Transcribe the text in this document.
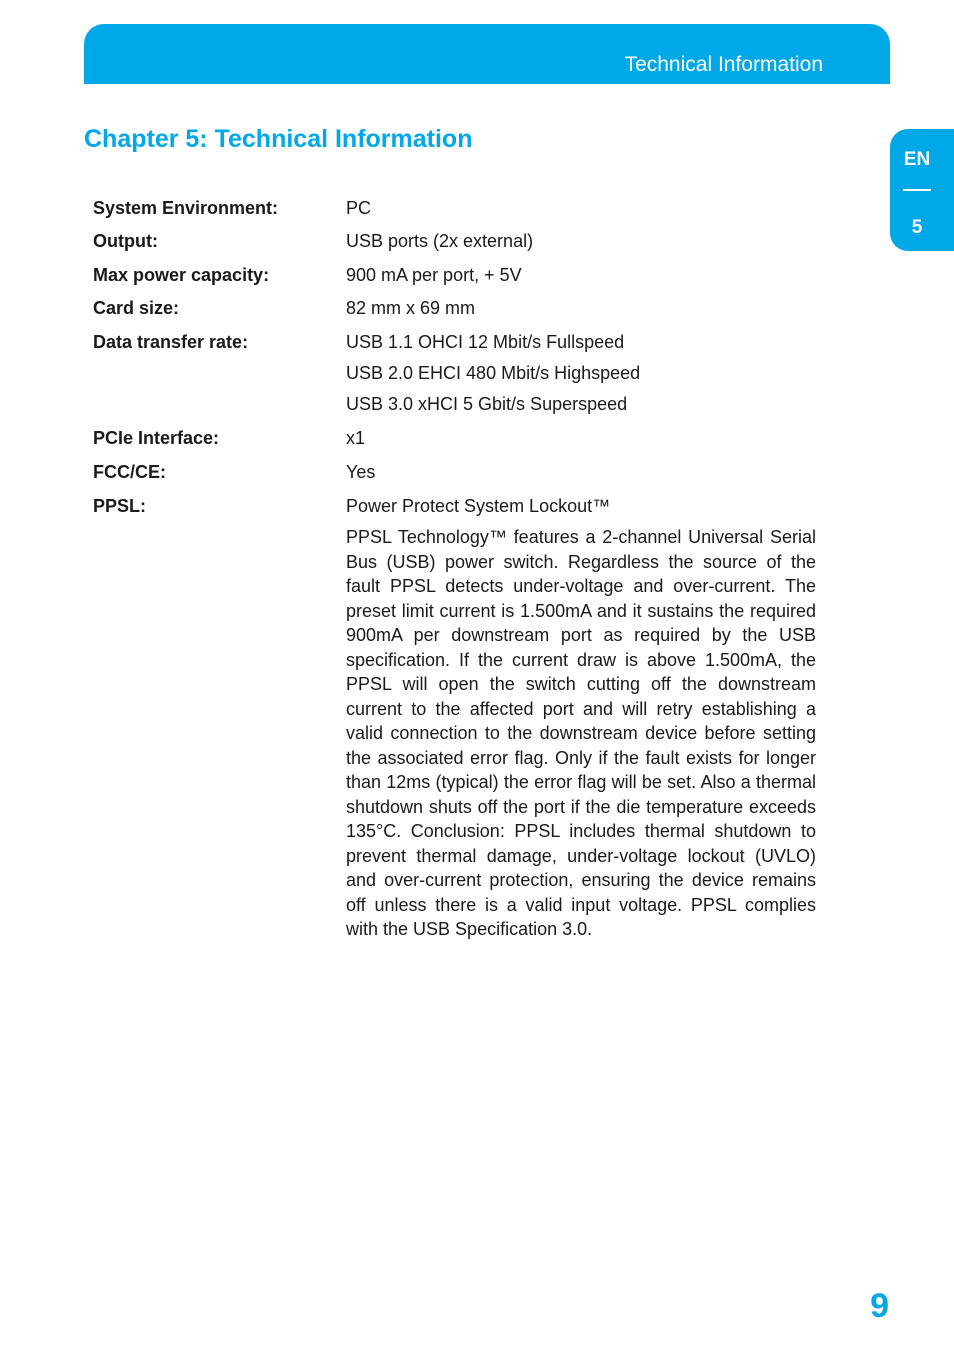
Technical Information
Chapter 5: Technical Information
EN
5
System Environment:	PC
Output:	USB ports (2x external)
Max power capacity:	900 mA per port, + 5V
Card size:	82 mm x 69 mm
Data transfer rate:	USB 1.1 OHCI 12 Mbit/s Fullspeed
USB 2.0 EHCI 480 Mbit/s Highspeed
USB 3.0 xHCI 5 Gbit/s Superspeed
PCIe Interface:	x1
FCC/CE:	Yes
PPSL:	Power Protect System Lockout™

PPSL Technology™ features a 2-channel Universal Serial Bus (USB) power switch. Regardless the source of the fault PPSL detects under-voltage and over-current. The preset limit current is 1.500mA and it sustains the required 900mA per downstream port as required by the USB specification. If the current draw is above 1.500mA, the PPSL will open the switch cutting off the downstream current to the affected port and will retry establishing a valid connection to the downstream device before setting the associated error flag. Only if the fault exists for longer than 12ms (typical) the error flag will be set. Also a thermal shutdown shuts off the port if the die temperature exceeds 135°C. Conclusion: PPSL includes thermal shutdown to prevent thermal damage, under-voltage lockout (UVLO) and over-current protection, ensuring the device remains off unless there is a valid input voltage. PPSL complies with the USB Specification 3.0.

9
